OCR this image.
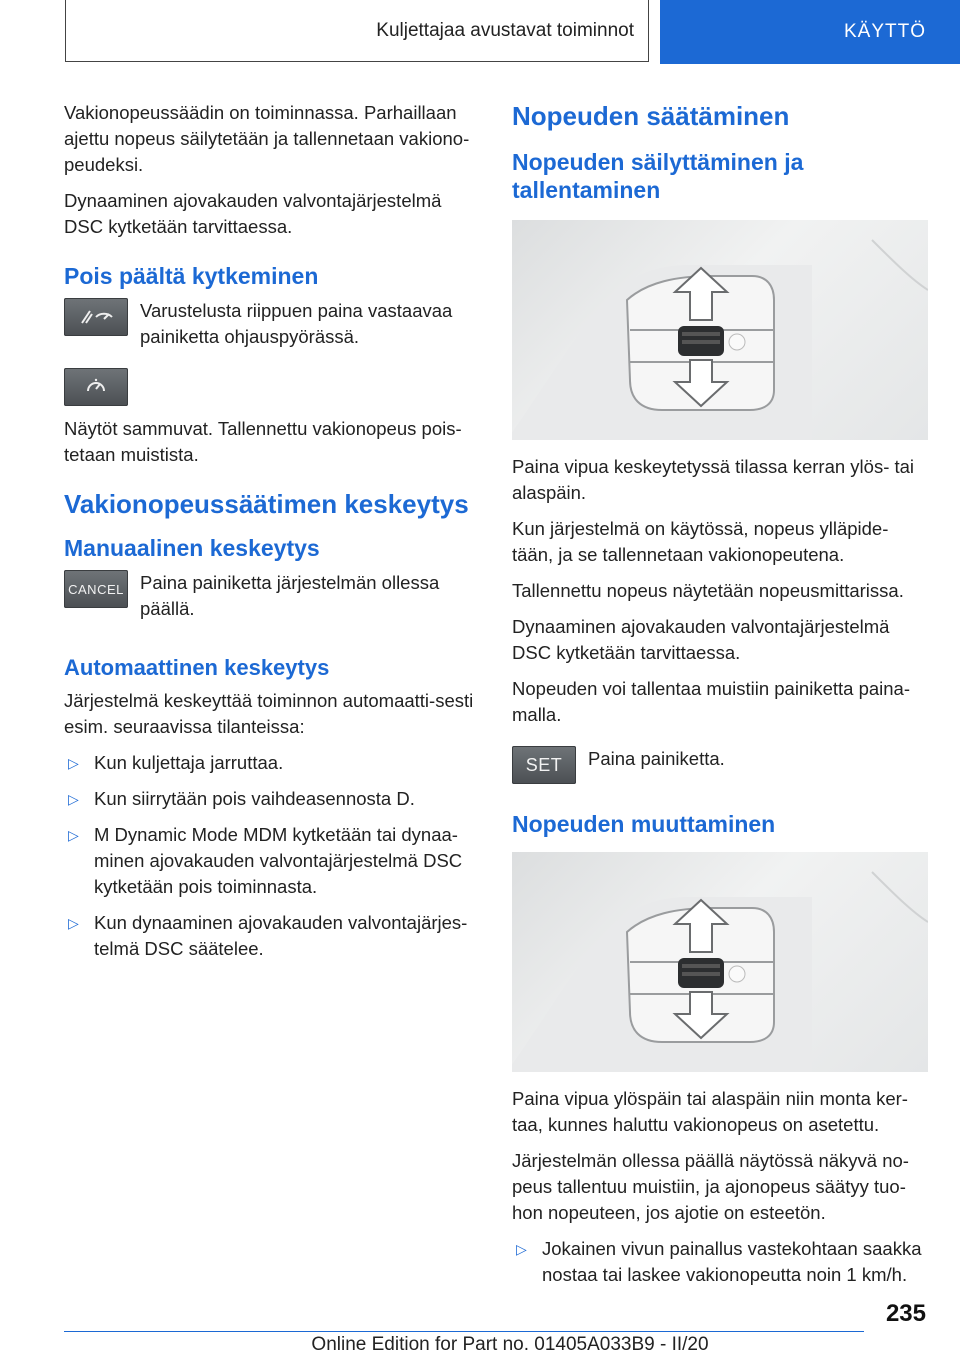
Kuljettajaa avustavat toiminnot	KÄYTTÖ

Vakionopeussäädin on toiminnassa. Parhaillaan ajettu nopeus säilytetään ja tallennetaan vakiono‐peudeksi.

Dynaaminen ajovakauden valvontajärjestelmä DSC kytketään tarvittaessa.

Pois päältä kytkeminen

Varustelusta riippuen paina vastaavaa painiketta ohjauspyörässä.

Näytöt sammuvat. Tallennettu vakionopeus pois‐tetaan muistista.

Vakionopeussäätimen keskeytys
Manuaalinen keskeytys
CANCEL Paina painiketta järjestelmän ollessa päällä.

Automaattinen keskeytys

Järjestelmä keskeyttää toiminnon automaatti‐sesti esim. seuraavissa tilanteissa:

▷ Kun kuljettaja jarruttaa.
▷ Kun siirrytään pois vaihdeasennosta D.
▷ M Dynamic Mode MDM kytketään tai dynaa‐minen ajovakauden valvontajärjestelmä DSC kytketään pois toiminnasta.
▷ Kun dynaaminen ajovakauden valvontajärjes‐telmä DSC säätelee.
Nopeuden säätäminen
Nopeuden säilyttäminen ja tallentaminen

Paina vipua keskeytetyssä tilassa kerran ylös- tai alaspäin.

Kun järjestelmä on käytössä, nopeus ylläpide‐tään, ja se tallennetaan vakionopeutena.

Tallennettu nopeus näytetään nopeusmittarissa.

Dynaaminen ajovakauden valvontajärjestelmä DSC kytketään tarvittaessa.

Nopeuden voi tallentaa muistiin painiketta paina‐malla.

SET Paina painiketta.

Nopeuden muuttaminen

Paina vipua ylöspäin tai alaspäin niin monta ker‐taa, kunnes haluttu vakionopeus on asetettu.

Järjestelmän ollessa päällä näytössä näkyvä no‐peus tallentuu muistiin, ja ajonopeus säätyy tuo‐hon nopeuteen, jos ajotie on esteetön.

▷ Jokainen vivun painallus vastekohtaan saakka nostaa tai laskee vakionopeutta noin 1 km/h.
235
Online Edition for Part no. 01405A033B9 - II/20
